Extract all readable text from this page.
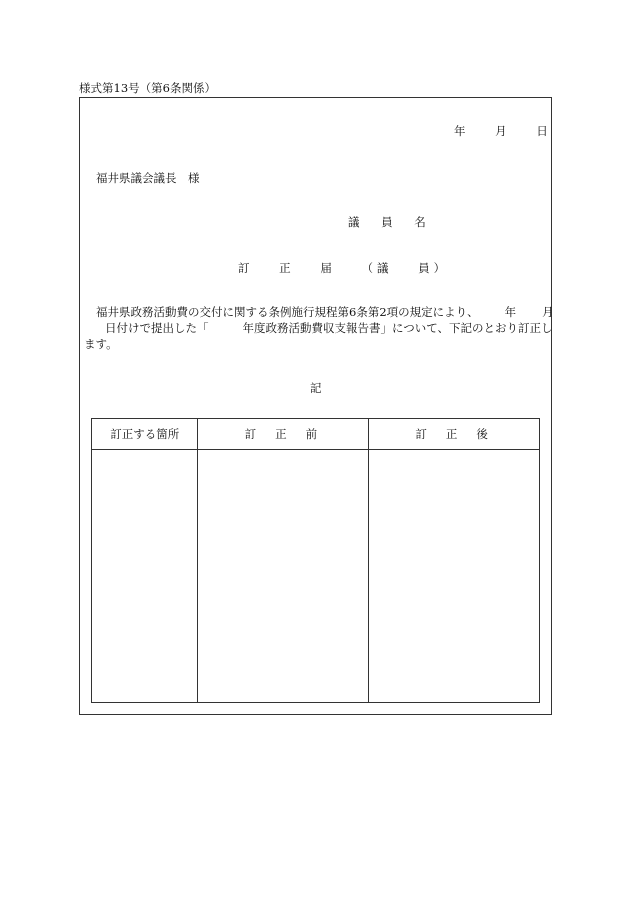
様式第13号（第6条関係）
年	月	日
福井県議会議長　様
議 員 名
訂 正 届 （議 員）
福井県政務活動費の交付に関する条例施行規程第6条第2項の規定により、 年 月
日付けで提出した「	年度政務活動費収支報告書」について、下記のとおり訂正し
ます。
記
訂正する箇所	訂 正 前	訂 正 後
